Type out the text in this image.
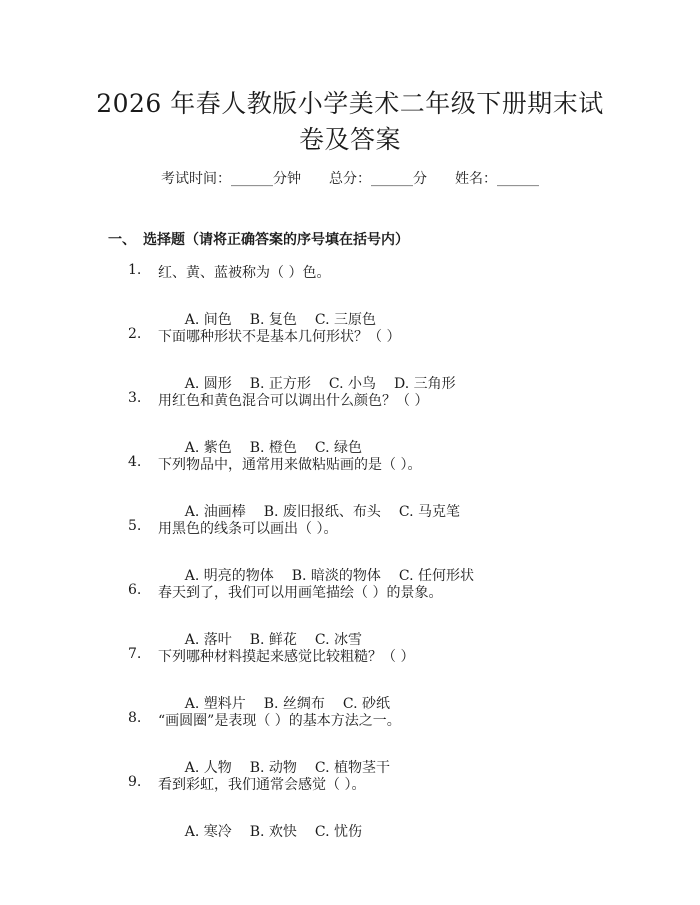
2026 年春人教版小学美术二年级下册期末试
卷及答案
考试时间：______分钟　　总分：______分　　姓名：______
一、　选择题（请将正确答案的序号填在括号内）
1. 红、黄、蓝被称为（ ）色。

A. 间色 B. 复色 C. 三原色

2. 下面哪种形状不是基本几何形状？（ ）

A. 圆形 B. 正方形 C. 小鸟 D. 三角形

3. 用红色和黄色混合可以调出什么颜色？（ ）

A. 紫色 B. 橙色 C. 绿色

4. 下列物品中，通常用来做粘贴画的是（ ）。

A. 油画棒 B. 废旧报纸、布头 C. 马克笔

5. 用黑色的线条可以画出（ ）。

A. 明亮的物体 B. 暗淡的物体 C. 任何形状

6. 春天到了，我们可以用画笔描绘（ ）的景象。

A. 落叶 B. 鲜花 C. 冰雪

7. 下列哪种材料摸起来感觉比较粗糙？（ ）

A. 塑料片 B. 丝绸布 C. 砂纸

8. “画圆圈”是表现（ ）的基本方法之一。

A. 人物 B. 动物 C. 植物茎干

9. 看到彩虹，我们通常会感觉（ ）。

A. 寒冷 B. 欢快 C. 忧伤
